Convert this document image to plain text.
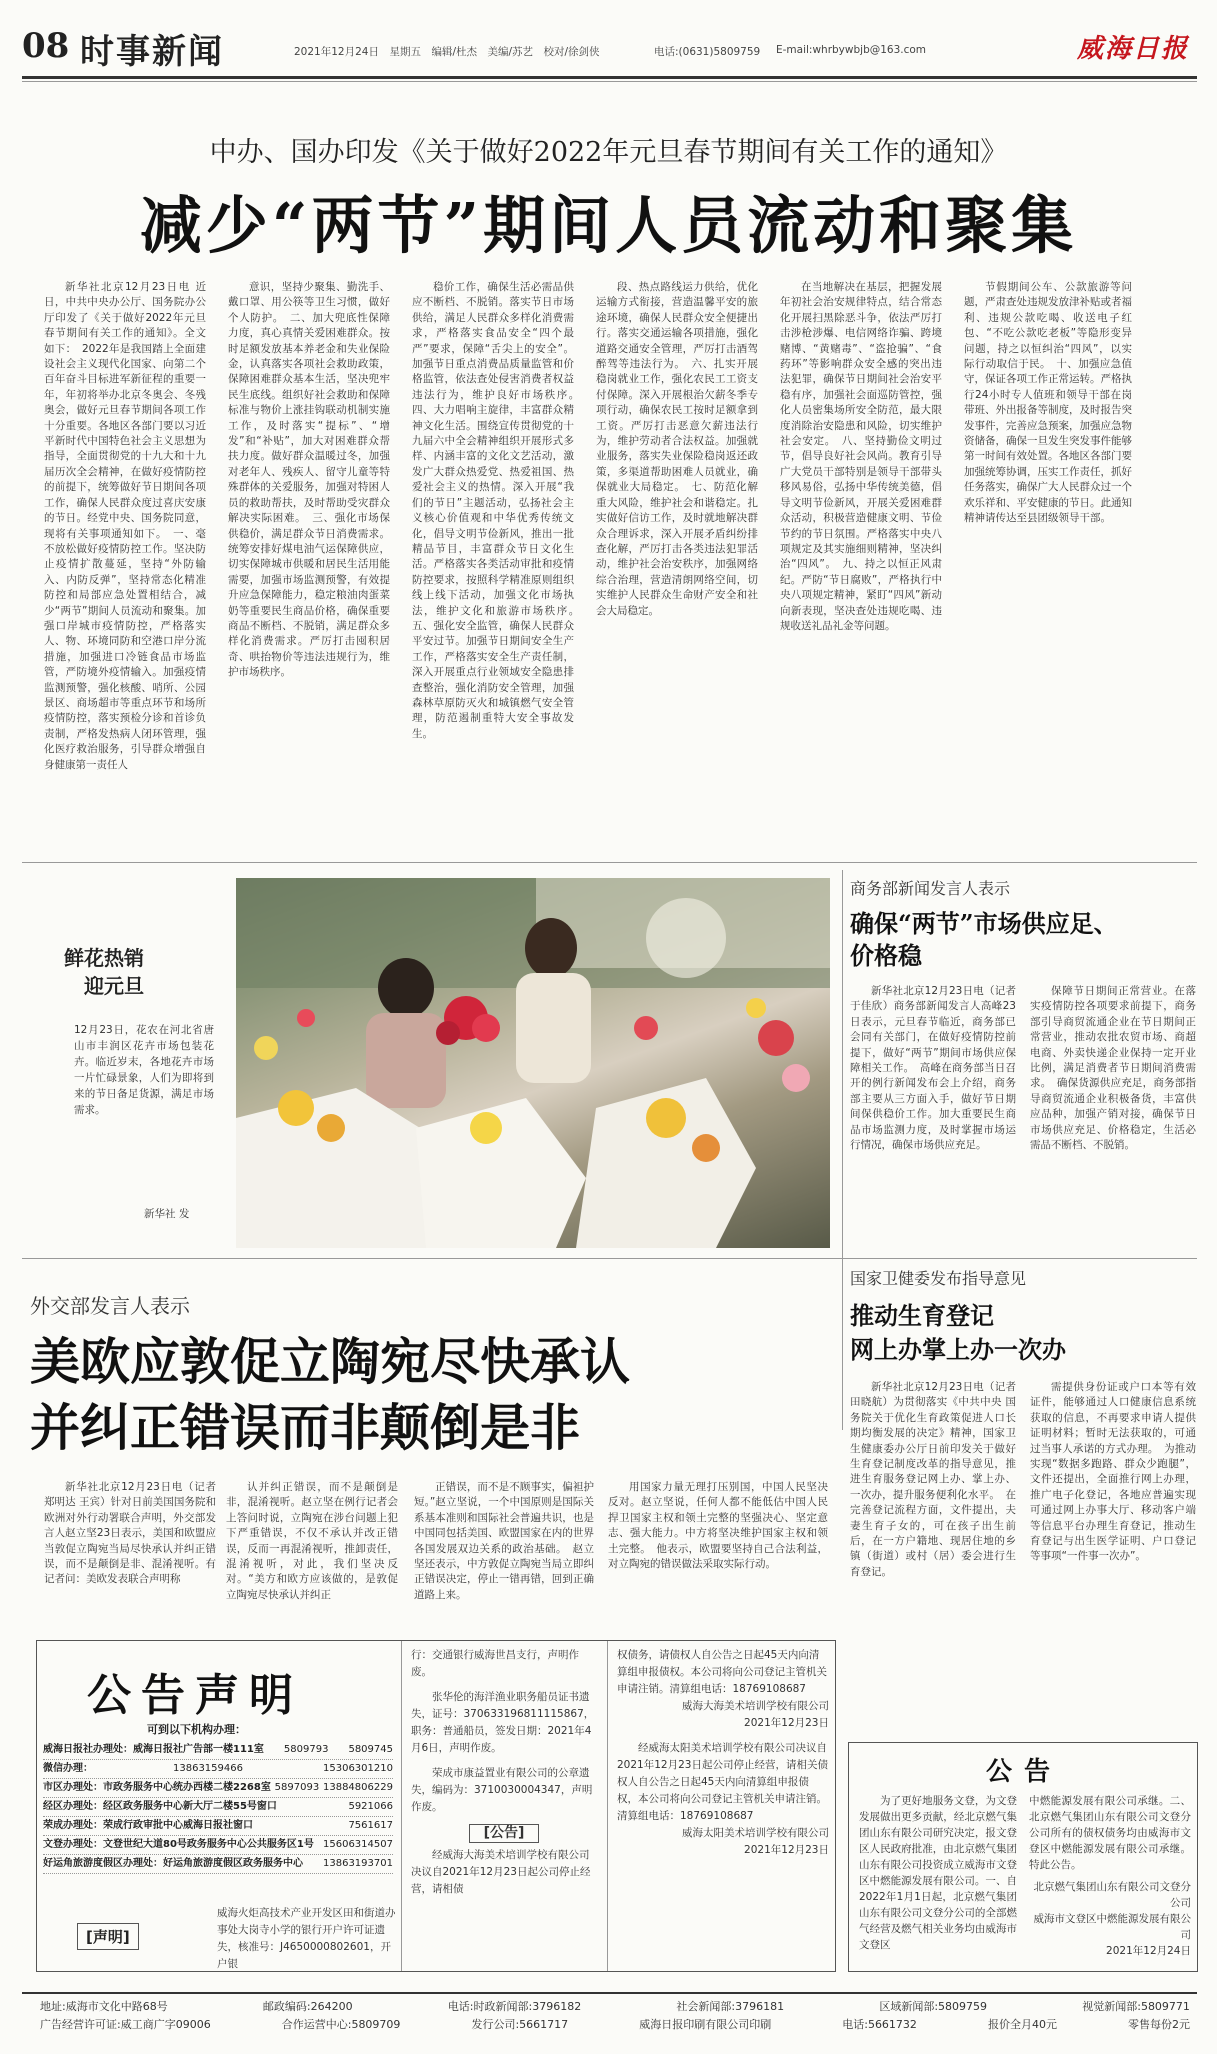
08 时事新闻	2021年12月24日　星期五　编辑/杜杰　美编/苏艺　校对/徐剑侠	电话:(0631)5809759 E-mail:whrbywbjb@163.com	威海日报
中办、国办印发《关于做好2022年元旦春节期间有关工作的通知》
减少“两节”期间人员流动和聚集

新华社北京12月23日电 近日，中共中央办公厅、国务院办公厅印发了《关于做好2022年元旦春节期间有关工作的通知》。全文如下：　2022年是我国踏上全面建设社会主义现代化国家、向第二个百年奋斗目标进军新征程的重要一年，年初将举办北京冬奥会、冬残奥会，做好元旦春节期间各项工作十分重要。各地区各部门要以习近平新时代中国特色社会主义思想为指导，全面贯彻党的十九大和十九届历次全会精神，在做好疫情防控的前提下，统筹做好节日期间各项工作，确保人民群众度过喜庆安康的节日。经党中央、国务院同意，现将有关事项通知如下。　一、毫不放松做好疫情防控工作。坚决防止疫情扩散蔓延，坚持“外防输入、内防反弹”，坚持常态化精准防控和局部应急处置相结合，减少“两节”期间人员流动和聚集。加强口岸城市疫情防控，严格落实人、物、环境同防和空港口岸分流措施，加强进口冷链食品市场监管，严防境外疫情输入。加强疫情监测预警，强化核酸、哨所、公园景区、商场超市等重点环节和场所疫情防控，落实预检分诊和首诊负责制，严格发热病人闭环管理，强化医疗救治服务，引导群众增强自身健康第一责任人

意识，坚持少聚集、勤洗手、戴口罩、用公筷等卫生习惯，做好个人防护。　二、加大兜底性保障力度，真心真情关爱困难群众。按时足额发放基本养老金和失业保险金，认真落实各项社会救助政策，保障困难群众基本生活，坚决兜牢民生底线。组织好社会救助和保障标准与物价上涨挂钩联动机制实施工作，及时落实“提标”、“增发”和“补贴”，加大对困难群众帮扶力度。做好群众温暖过冬，加强对老年人、残疾人、留守儿童等特殊群体的关爱服务，加强对特困人员的救助帮扶，及时帮助受灾群众解决实际困难。　三、强化市场保供稳价，满足群众节日消费需求。统筹安排好煤电油气运保障供应，切实保障城市供暖和居民生活用能需要，加强市场监测预警，有效提升应急保障能力，稳定粮油肉蛋菜奶等重要民生商品价格，确保重要商品不断档、不脱销，满足群众多样化消费需求。严厉打击囤积居奇、哄抬物价等违法违规行为，维护市场秩序。

稳价工作，确保生活必需品供应不断档、不脱销。落实节日市场供给，满足人民群众多样化消费需求，严格落实食品安全“四个最严”要求，保障“舌尖上的安全”。加强节日重点消费品质量监管和价格监管，依法查处侵害消费者权益违法行为，维护良好市场秩序。　四、大力唱响主旋律，丰富群众精神文化生活。围绕宣传贯彻党的十九届六中全会精神组织开展形式多样、内涵丰富的文化文艺活动，激发广大群众热爱党、热爱祖国、热爱社会主义的热情。深入开展“我们的节日”主题活动，弘扬社会主义核心价值观和中华优秀传统文化，倡导文明节俭新风，推出一批精品节目，丰富群众节日文化生活。严格落实各类活动审批和疫情防控要求，按照科学精准原则组织线上线下活动，加强文化市场执法，维护文化和旅游市场秩序。　五、强化安全监管，确保人民群众平安过节。加强节日期间安全生产工作，严格落实安全生产责任制，深入开展重点行业领域安全隐患排查整治，强化消防安全管理，加强森林草原防灭火和城镇燃气安全管理，防范遏制重特大安全事故发生。

段、热点路线运力供给，优化运输方式衔接，营造温馨平安的旅途环境，确保人民群众安全便捷出行。落实交通运输各项措施，强化道路交通安全管理，严厉打击酒驾醉驾等违法行为。　六、扎实开展稳岗就业工作，强化农民工工资支付保障。深入开展根治欠薪冬季专项行动，确保农民工按时足额拿到工资。严厉打击恶意欠薪违法行为，维护劳动者合法权益。加强就业服务，落实失业保险稳岗返还政策，多渠道帮助困难人员就业，确保就业大局稳定。　七、防范化解重大风险，维护社会和谐稳定。扎实做好信访工作，及时就地解决群众合理诉求，深入开展矛盾纠纷排查化解，严厉打击各类违法犯罪活动，维护社会治安秩序，加强网络综合治理，营造清朗网络空间，切实维护人民群众生命财产安全和社会大局稳定。

在当地解决在基层，把握发展年初社会治安规律特点，结合常态化开展扫黑除恶斗争，依法严厉打击涉枪涉爆、电信网络诈骗、跨境赌博、“黄赌毒”、“盗抢骗”、“食药环”等影响群众安全感的突出违法犯罪，确保节日期间社会治安平稳有序，加强社会面巡防管控，强化人员密集场所安全防范，最大限度消除治安隐患和风险，切实维护社会安定。　八、坚持勤俭文明过节，倡导良好社会风尚。教育引导广大党员干部特别是领导干部带头移风易俗，弘扬中华传统美德，倡导文明节俭新风，开展关爱困难群众活动，积极营造健康文明、节俭节约的节日氛围。严格落实中央八项规定及其实施细则精神，坚决纠治“四风”。　九、持之以恒正风肃纪。严防“节日腐败”，严格执行中央八项规定精神，紧盯“四风”新动向新表现，坚决查处违规吃喝、违规收送礼品礼金等问题。

节假期间公车、公款旅游等问题，严肃查处违规发放津补贴或者福利、违规公款吃喝、收送电子红包、“不吃公款吃老板”等隐形变异问题，持之以恒纠治“四风”，以实际行动取信于民。　十、加强应急值守，保证各项工作正常运转。严格执行24小时专人值班和领导干部在岗带班、外出报备等制度，及时报告突发事件，完善应急预案，加强应急物资储备，确保一旦发生突发事件能够第一时间有效处置。各地区各部门要加强统筹协调，压实工作责任，抓好任务落实，确保广大人民群众过一个欢乐祥和、平安健康的节日。此通知精神请传达至县团级领导干部。

鲜花热销
迎元旦
12月23日，花农在河北省唐山市丰润区花卉市场包装花卉。临近岁末，各地花卉市场一片忙碌景象，人们为即将到来的节日备足货源，满足市场需求。
新华社 发
商务部新闻发言人表示
确保“两节”市场供应足、
价格稳

新华社北京12月23日电（记者 于佳欣）商务部新闻发言人高峰23日表示，元旦春节临近，商务部已会同有关部门，在做好疫情防控前提下，做好“两节”期间市场供应保障相关工作。　高峰在商务部当日召开的例行新闻发布会上介绍，商务部主要从三方面入手，做好节日期间保供稳价工作。加大重要民生商品市场监测力度，及时掌握市场运行情况，确保市场供应充足。

保障节日期间正常营业。在落实疫情防控各项要求前提下，商务部引导商贸流通企业在节日期间正常营业，推动农批农贸市场、商超电商、外卖快递企业保持一定开业比例，满足消费者节日期间消费需求。　确保货源供应充足，商务部指导商贸流通企业积极备货，丰富供应品种，加强产销对接，确保节日市场供应充足、价格稳定，生活必需品不断档、不脱销。

国家卫健委发布指导意见
推动生育登记
网上办掌上办一次办

新华社北京12月23日电（记者 田晓航）为贯彻落实《中共中央 国务院关于优化生育政策促进人口长期均衡发展的决定》精神，国家卫生健康委办公厅日前印发关于做好生育登记制度改革的指导意见，推进生育服务登记网上办、掌上办、一次办，提升服务便利化水平。　在完善登记流程方面，文件提出，夫妻生育子女的，可在孩子出生前后，在一方户籍地、现居住地的乡镇（街道）或村（居）委会进行生育登记。

需提供身份证或户口本等有效证件，能够通过人口健康信息系统获取的信息，不再要求申请人提供证明材料；暂时无法获取的，可通过当事人承诺的方式办理。　为推动实现“数据多跑路、群众少跑腿”，文件还提出，全面推行网上办理，推广电子化登记，各地应普遍实现可通过网上办事大厅、移动客户端等信息平台办理生育登记，推动生育登记与出生医学证明、户口登记等事项“一件事一次办”。

外交部发言人表示
美欧应敦促立陶宛尽快承认
并纠正错误而非颠倒是非

新华社北京12月23日电（记者 郑明达 王宾）针对日前美国国务院和欧洲对外行动署联合声明，外交部发言人赵立坚23日表示，美国和欧盟应当敦促立陶宛当局尽快承认并纠正错误，而不是颠倒是非、混淆视听。有记者问：美欧发表联合声明称

认并纠正错误，而不是颠倒是非，混淆视听。赵立坚在例行记者会上答问时说，立陶宛在涉台问题上犯下严重错误，不仅不承认并改正错误，反而一再混淆视听，推卸责任，混淆视听，对此，我们坚决反对。“美方和欧方应该做的，是敦促立陶宛尽快承认并纠正

正错误，而不是不顾事实，偏袒护短。”赵立坚说，一个中国原则是国际关系基本准则和国际社会普遍共识，也是中国同包括美国、欧盟国家在内的世界各国发展双边关系的政治基础。　赵立坚还表示，中方敦促立陶宛当局立即纠正错误决定，停止一错再错，回到正确道路上来。

用国家力量无理打压别国，中国人民坚决反对。赵立坚说，任何人都不能低估中国人民捍卫国家主权和领土完整的坚强决心、坚定意志、强大能力。中方将坚决维护国家主权和领土完整。　他表示，欧盟要坚持自己合法利益，对立陶宛的错误做法采取实际行动。

公告声明
可到以下机构办理：
威海日报社办理处：威海日报社广告部一楼111室 5809793 5809745
微信办理：	13863159466	15306301210
市区办理处：市政务服务中心统办西楼二楼2268室 5897093 13884806229
经区办理处：经区政务服务中心新大厅二楼55号窗口	5921066
荣成办理处：荣成行政审批中心威海日报社窗口	7561617
文登办理处：文登世纪大道80号政务服务中心公共服务区1号 15606314507
好运角旅游度假区办理处：好运角旅游度假区政务服务中心 13863193701
[声明]
威海火炬高技术产业开发区田和街道办事处大岗寺小学的银行开户许可证遗失，核准号：J4650000802601，开户银
行：交通银行威海世昌支行，声明作废。
张华伦的海洋渔业职务船员证书遗失，证号：370633196811115867，职务：普通船员，签发日期：2021年4月6日，声明作废。
荣成市康益置业有限公司的公章遗失，编码为：3710030004347，声明作废。
[公告]
经威海大海美术培训学校有限公司决议自2021年12月23日起公司停止经营，请相债
权债务，请债权人自公告之日起45天内向清算组申报债权。本公司将向公司登记主管机关申请注销。清算组电话：18769108687
威海大海美术培训学校有限公司
2021年12月23日
经威海太阳美术培训学校有限公司决议自2021年12月23日起公司停止经营，请相关债权人自公告之日起45天内向清算组申报债权，本公司将向公司登记主管机关申请注销。清算组电话：18769108687
威海太阳美术培训学校有限公司
2021年12月23日
公告
为了更好地服务文登，为文登发展做出更多贡献，经北京燃气集团山东有限公司研究决定，报文登区人民政府批准，由北京燃气集团山东有限公司投资成立威海市文登区中燃能源发展有限公司。一、自2022年1月1日起，北京燃气集团山东有限公司文登分公司的全部燃气经营及燃气相关业务均由威海市文登区
中燃能源发展有限公司承继。二、北京燃气集团山东有限公司文登分公司所有的债权债务均由威海市文登区中燃能源发展有限公司承继。特此公告。
北京燃气集团山东有限公司文登分公司
威海市文登区中燃能源发展有限公司
2021年12月24日
地址:威海市文化中路68号	邮政编码:264200	电话:时政新闻部:3796182	社会新闻部:3796181	区域新闻部:5809759	视觉新闻部:5809771
广告经营许可证:威工商广字09006	合作运营中心:5809709	发行公司:5661717	威海日报印刷有限公司印刷	电话:5661732	报价全月40元	零售每份2元
